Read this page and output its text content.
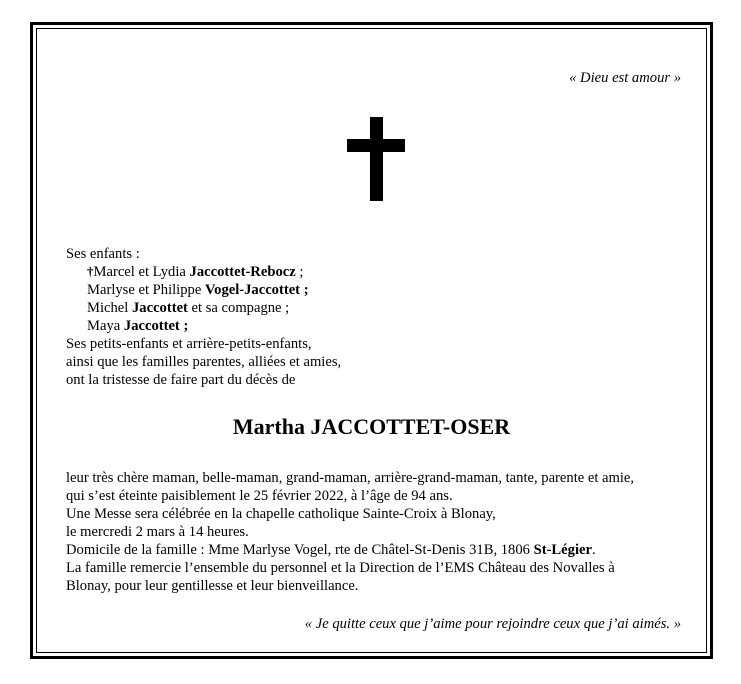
« Dieu est amour »
Ses enfants :
†Marcel et Lydia Jaccottet-Rebocz ;
Marlyse et Philippe Vogel-Jaccottet ;
Michel Jaccottet et sa compagne ;
Maya Jaccottet ;
Ses petits-enfants et arrière-petits-enfants,
ainsi que les familles parentes, alliées et amies,
ont la tristesse de faire part du décès de
Martha JACCOTTET-OSER
leur très chère maman, belle-maman, grand-maman, arrière-grand-maman, tante, parente et amie,
qui s’est éteinte paisiblement le 25 février 2022, à l’âge de 94 ans.
Une Messe sera célébrée en la chapelle catholique Sainte-Croix à Blonay,
le mercredi 2 mars à 14 heures.
Domicile de la famille : Mme Marlyse Vogel, rte de Châtel-St-Denis 31B, 1806 St-Légier.
La famille remercie l’ensemble du personnel et la Direction de l’EMS Château des Novalles à
Blonay, pour leur gentillesse et leur bienveillance.
« Je quitte ceux que j’aime pour rejoindre ceux que j’ai aimés. »
